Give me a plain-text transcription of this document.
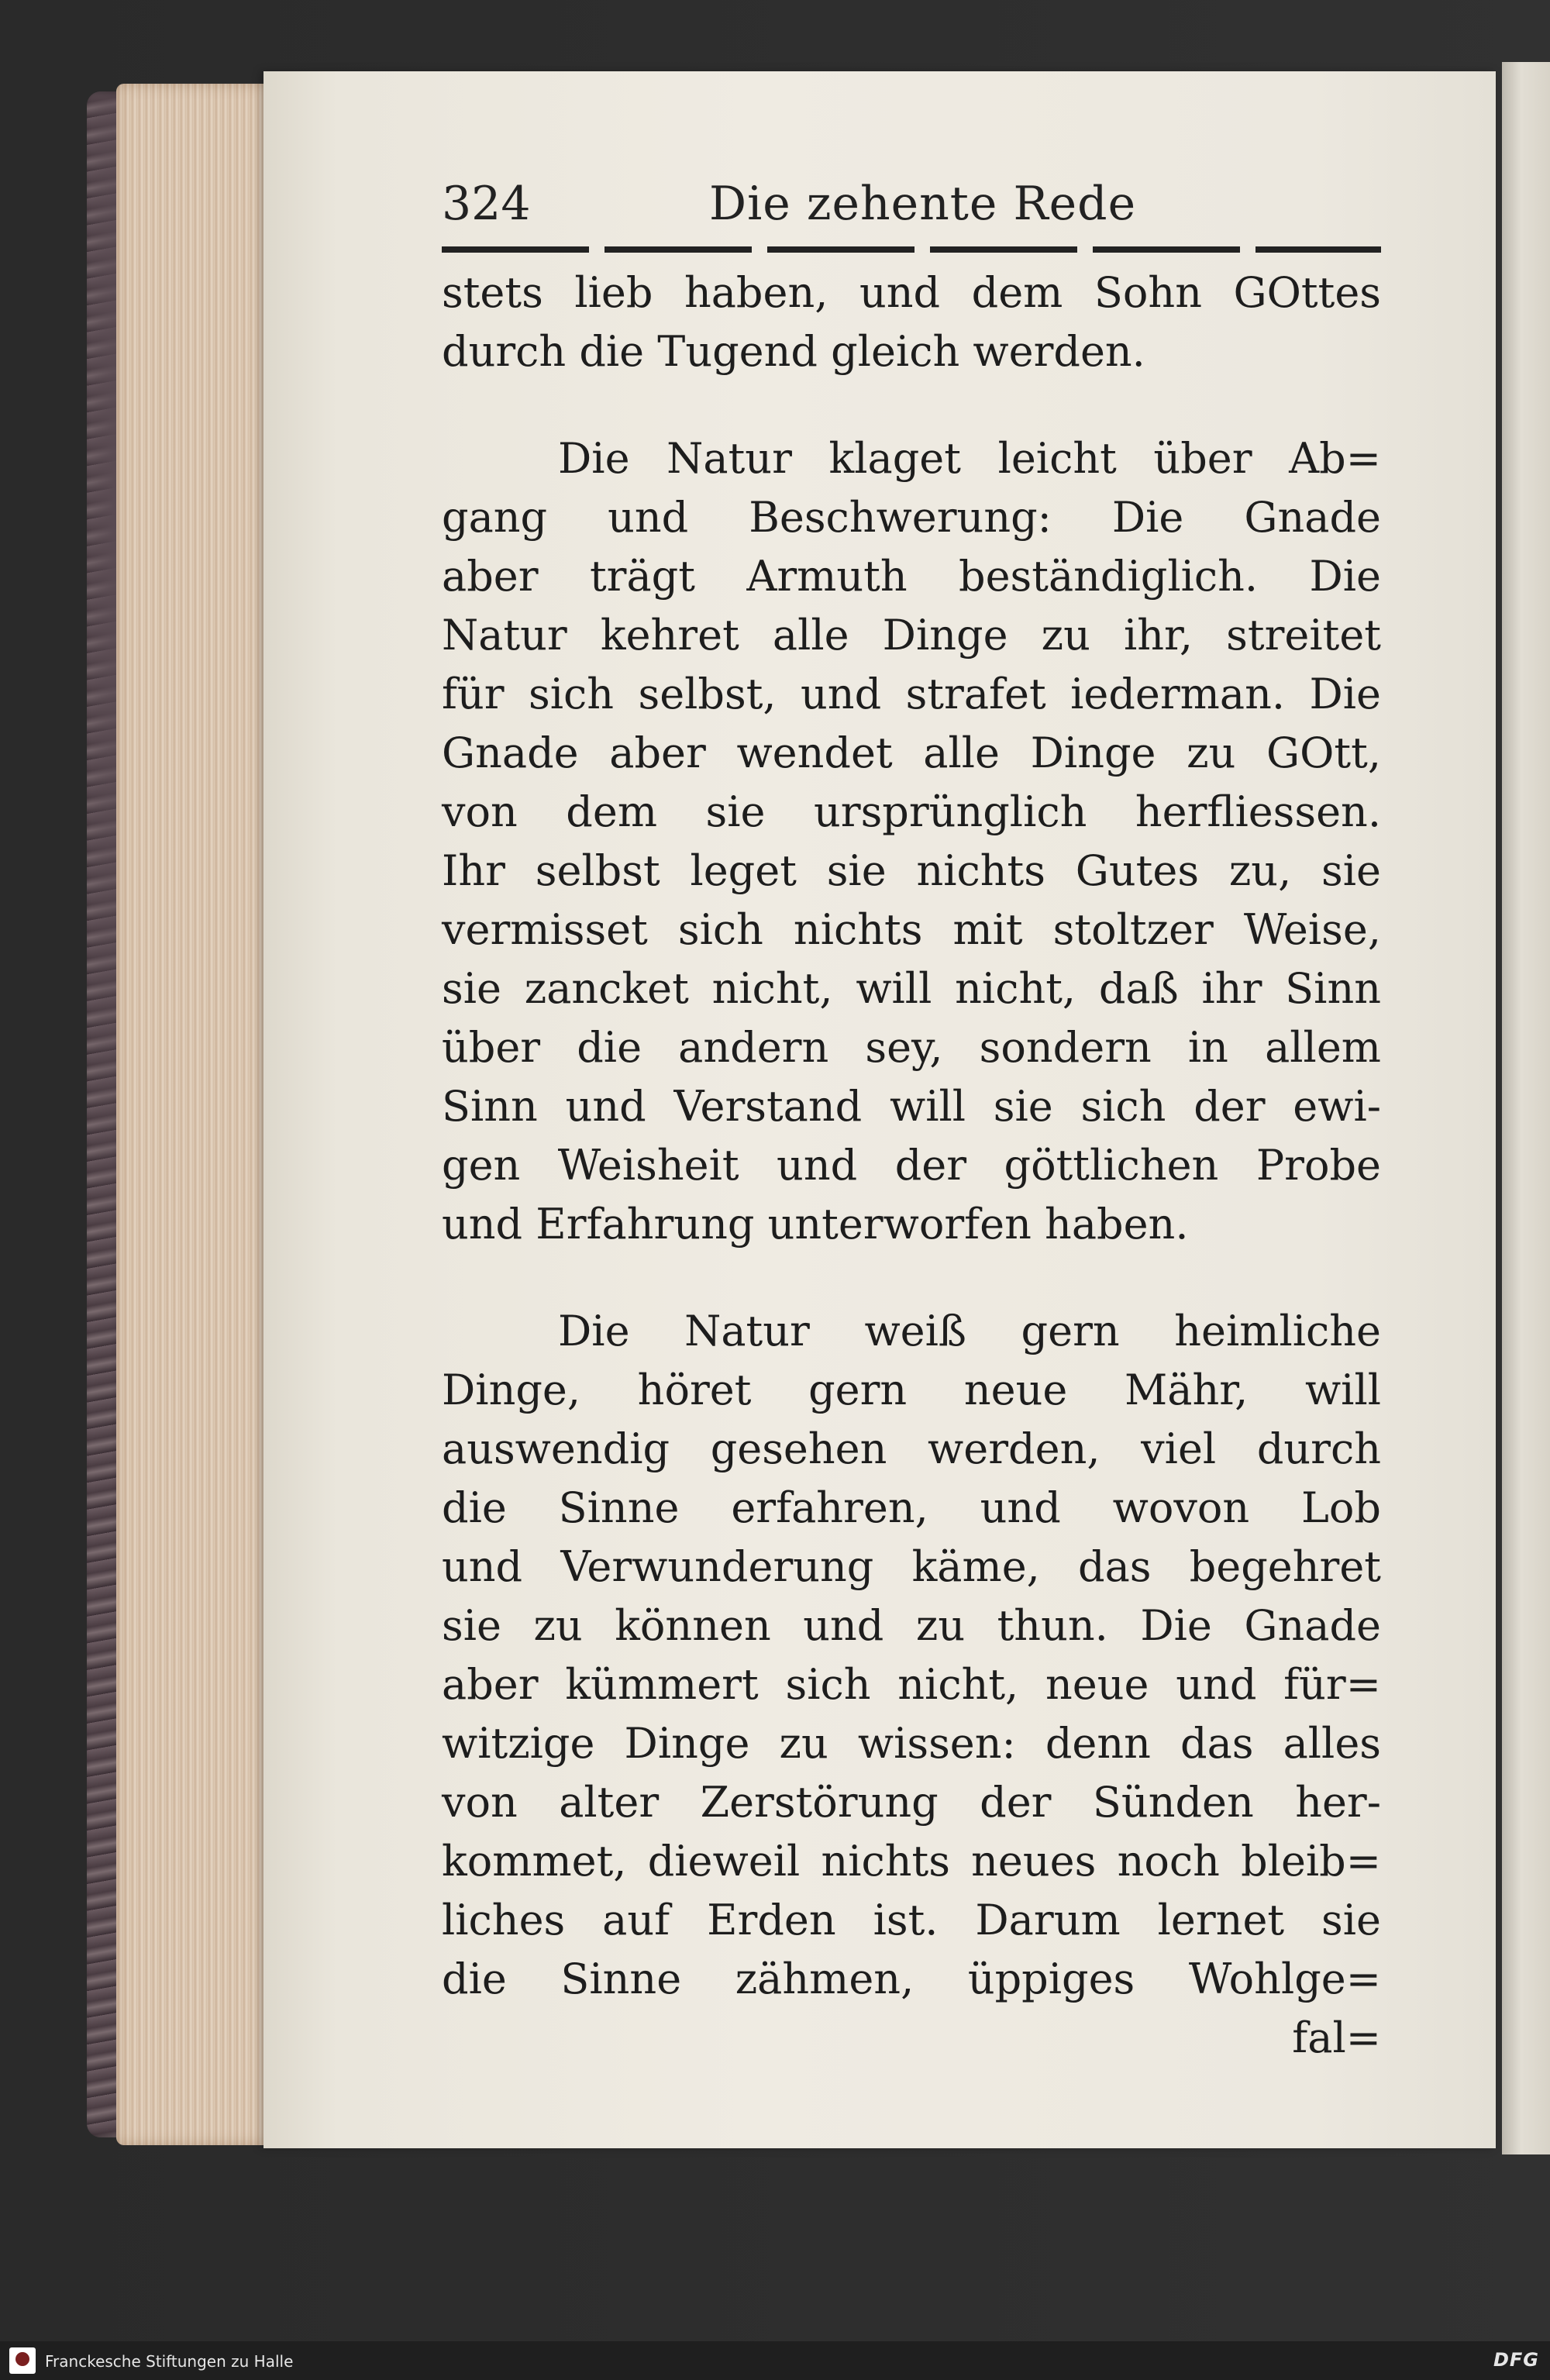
324	Die zehente Rede
stets lieb haben, und dem Sohn GOttes
durch die Tugend gleich werden.
Die Natur klaget leicht über Ab=
gang und Beschwerung: Die Gnade
aber trägt Armuth beständiglich. Die
Natur kehret alle Dinge zu ihr, streitet
für sich selbst, und strafet iederman. Die
Gnade aber wendet alle Dinge zu GOtt,
von dem sie ursprünglich herfliessen.
Ihr selbst leget sie nichts Gutes zu, sie
vermisset sich nichts mit stoltzer Weise,
sie zancket nicht, will nicht, daß ihr Sinn
über die andern sey, sondern in allem
Sinn und Verstand will sie sich der ewi-
gen Weisheit und der göttlichen Probe
und Erfahrung unterworfen haben.
Die Natur weiß gern heimliche
Dinge, höret gern neue Mähr, will
auswendig gesehen werden, viel durch
die Sinne erfahren, und wovon Lob
und Verwunderung käme, das begehret
sie zu können und zu thun. Die Gnade
aber kümmert sich nicht, neue und für=
witzige Dinge zu wissen: denn das alles
von alter Zerstörung der Sünden her-
kommet, dieweil nichts neues noch bleib=
liches auf Erden ist. Darum lernet sie
die Sinne zähmen, üppiges Wohlge=
fal=
Franckesche Stiftungen zu Halle	DFG
